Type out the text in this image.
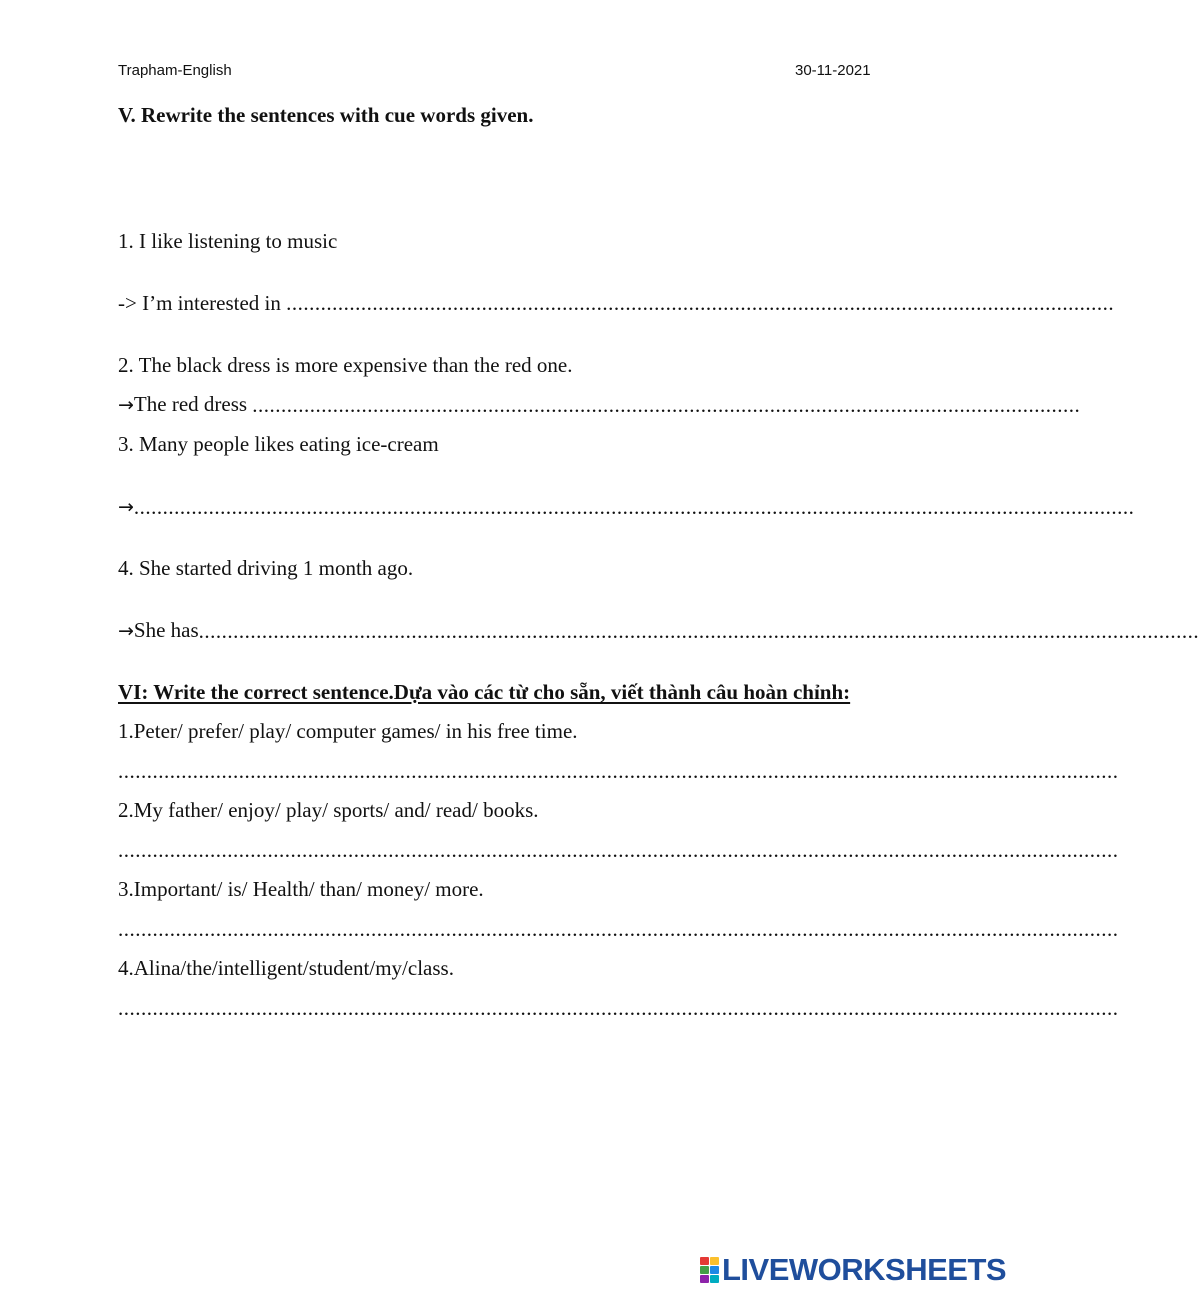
Trapham-English	30-11-2021
V. Rewrite the sentences with cue words given.
1. I like listening to music
-> I’m interested in ................................................................................................................................................
2. The black dress is more expensive than the red one.
→The red dress ................................................................................................................................................
3. Many people likes eating ice-cream
→..............................................................................................................................................................................
4. She started driving 1 month ago.
→She has..............................................................................................................................................................................
VI: Write the correct sentence.Dựa vào các từ cho sẵn, viết thành câu hoàn chỉnh:
1.Peter/ prefer/ play/ computer games/ in his free time.
..............................................................................................................................................................................
2.My father/ enjoy/ play/ sports/ and/ read/ books.
..............................................................................................................................................................................
3.Important/ is/ Health/ than/ money/ more.
..............................................................................................................................................................................
4.Alina/the/intelligent/student/my/class.
..............................................................................................................................................................................
LIVEWORKSHEETS
